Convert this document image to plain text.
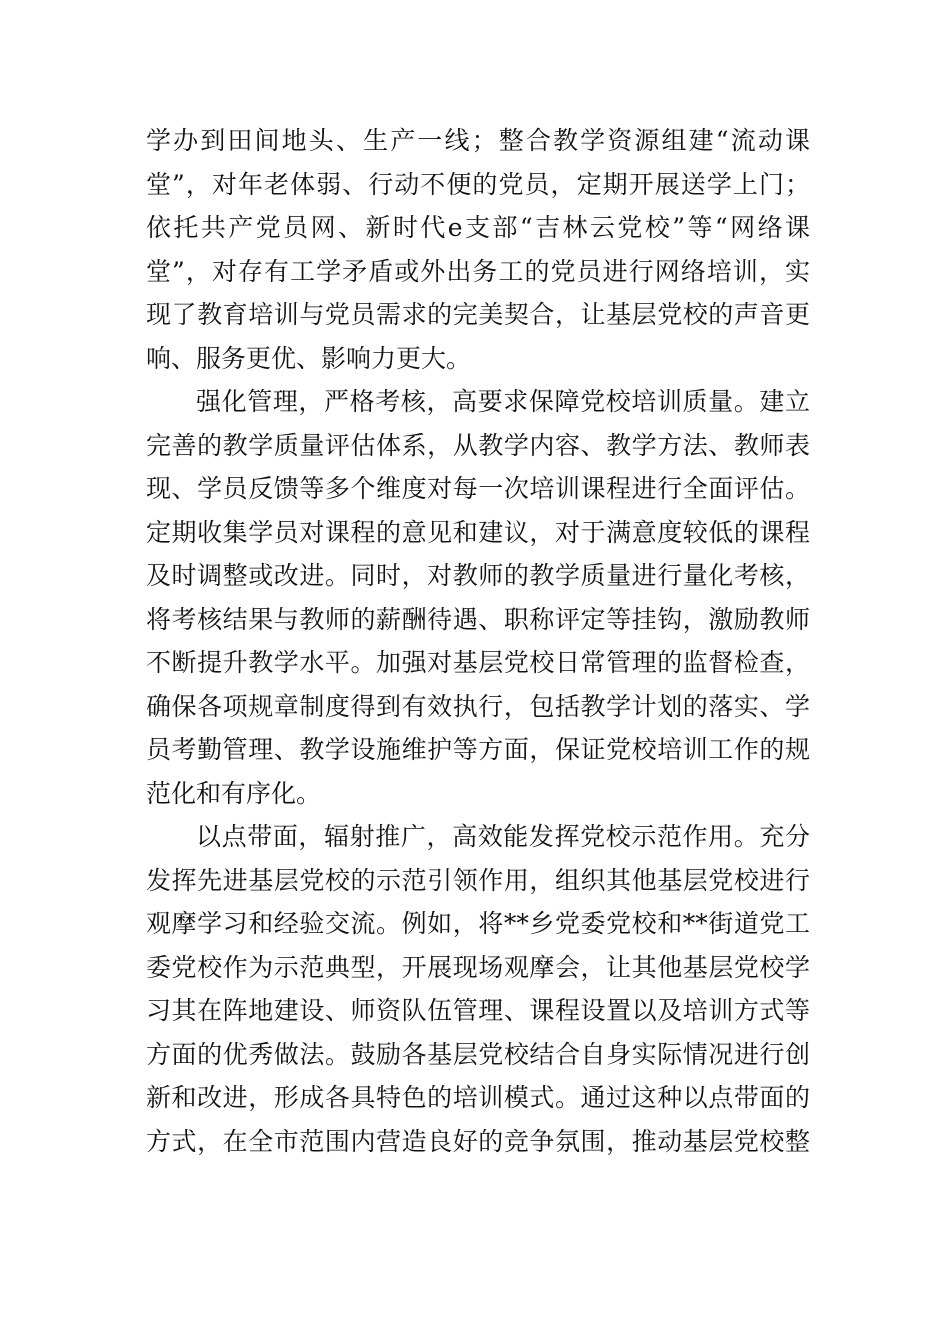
学办到田间地头、生产一线；整合教学资源组建“流动课
堂”，对年老体弱、行动不便的党员，定期开展送学上门；
依托共产党员网、新时代e支部“吉林云党校”等“网络课
堂”，对存有工学矛盾或外出务工的党员进行网络培训，实
现了教育培训与党员需求的完美契合，让基层党校的声音更
响、服务更优、影响力更大。
强化管理，严格考核，高要求保障党校培训质量。建立
完善的教学质量评估体系，从教学内容、教学方法、教师表
现、学员反馈等多个维度对每一次培训课程进行全面评估。
定期收集学员对课程的意见和建议，对于满意度较低的课程
及时调整或改进。同时，对教师的教学质量进行量化考核，
将考核结果与教师的薪酬待遇、职称评定等挂钩，激励教师
不断提升教学水平。加强对基层党校日常管理的监督检查，
确保各项规章制度得到有效执行，包括教学计划的落实、学
员考勤管理、教学设施维护等方面，保证党校培训工作的规
范化和有序化。
以点带面，辐射推广，高效能发挥党校示范作用。充分
发挥先进基层党校的示范引领作用，组织其他基层党校进行
观摩学习和经验交流。例如，将**乡党委党校和**街道党工
委党校作为示范典型，开展现场观摩会，让其他基层党校学
习其在阵地建设、师资队伍管理、课程设置以及培训方式等
方面的优秀做法。鼓励各基层党校结合自身实际情况进行创
新和改进，形成各具特色的培训模式。通过这种以点带面的
方式，在全市范围内营造良好的竞争氛围，推动基层党校整
